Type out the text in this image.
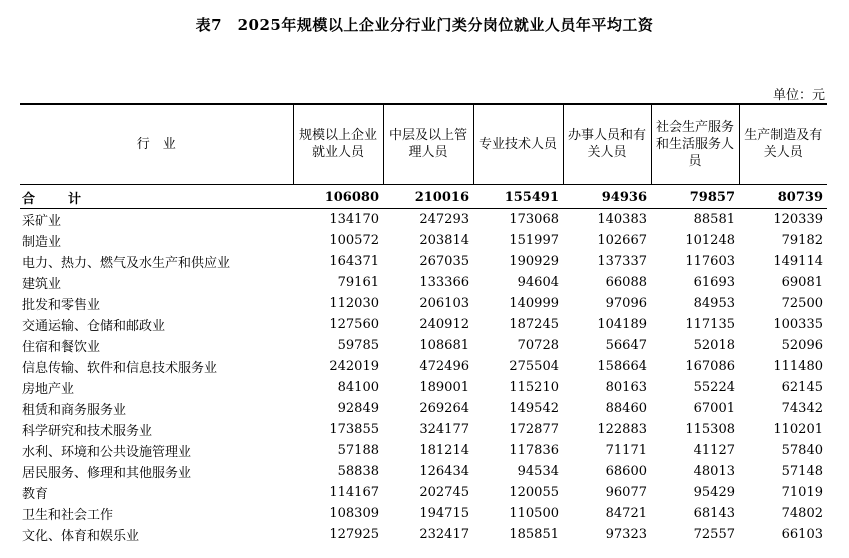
表7　2025年规模以上企业分行业门类分岗位就业人员年平均工资
单位：元
行　业	规模以上企业就业人员	中层及以上管理人员	专业技术人员	办事人员和有关人员	社会生产服务和生活服务人员	生产制造及有关人员
合　计	106080	210016	155491	94936	79857	80739
采矿业	134170	247293	173068	140383	88581	120339
制造业	100572	203814	151997	102667	101248	79182
电力、热力、燃气及水生产和供应业	164371	267035	190929	137337	117603	149114
建筑业	79161	133366	94604	66088	61693	69081
批发和零售业	112030	206103	140999	97096	84953	72500
交通运输、仓储和邮政业	127560	240912	187245	104189	117135	100335
住宿和餐饮业	59785	108681	70728	56647	52018	52096
信息传输、软件和信息技术服务业	242019	472496	275504	158664	167086	111480
房地产业	84100	189001	115210	80163	55224	62145
租赁和商务服务业	92849	269264	149542	88460	67001	74342
科学研究和技术服务业	173855	324177	172877	122883	115308	110201
水利、环境和公共设施管理业	57188	181214	117836	71171	41127	57840
居民服务、修理和其他服务业	58838	126434	94534	68600	48013	57148
教育	114167	202745	120055	96077	95429	71019
卫生和社会工作	108309	194715	110500	84721	68143	74802
文化、体育和娱乐业	127925	232417	185851	97323	72557	66103
